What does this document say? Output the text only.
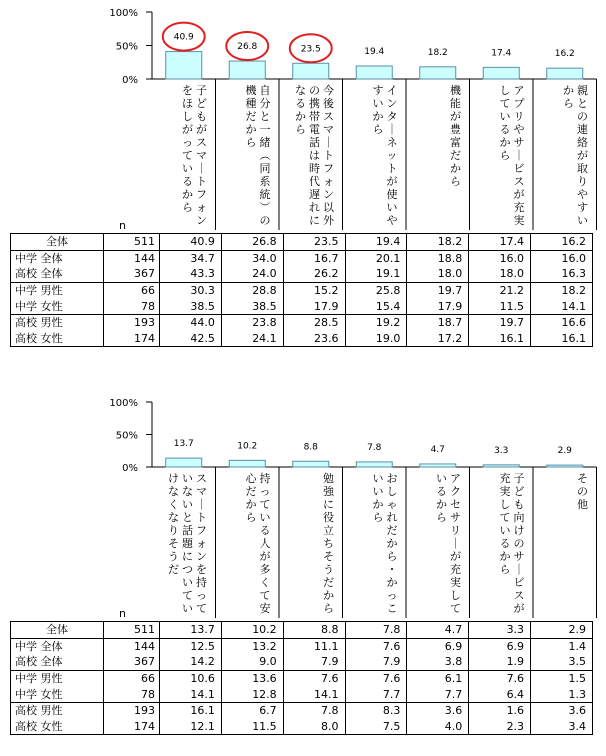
100%
50%
0%
40.9
子どもがスマ｜トフォンをほしがっているから
26.8
自分と一緒︵同系統︶の機種だから
23.5
今後スマ｜トフォン以外の携帯電話は時代遅れになるから
19.4
インタ｜ネットが使いやすいから
18.2
機能が豊富だから
17.4
アプリやサ｜ビスが充実しているから
16.2
親との連絡が取りやすいから
n
全体	511	40.9	26.8	23.5	19.4	18.2	17.4	16.2
中学 全体	144	34.7	34.0	16.7	20.1	18.8	16.0	16.0
高校 全体	367	43.3	24.0	26.2	19.1	18.0	18.0	16.3
中学 男性	66	30.3	28.8	15.2	25.8	19.7	21.2	18.2
中学 女性	78	38.5	38.5	17.9	15.4	17.9	11.5	14.1
高校 男性	193	44.0	23.8	28.5	19.2	18.7	19.7	16.6
高校 女性	174	42.5	24.1	23.6	19.0	17.2	16.1	16.1
100%
50%
0%
13.7
スマ｜トフォンを持っていないと話題についていけなくなりそうだ
10.2
持っている人が多くて安心だから
8.8
勉強に役立ちそうだから
7.8
おしゃれだから・かっこいいから
4.7
アクセサリ｜が充実しているから
3.3
子ども向けのサ｜ビスが充実しているから
2.9
その他
n
全体	511	13.7	10.2	8.8	7.8	4.7	3.3	2.9
中学 全体	144	12.5	13.2	11.1	7.6	6.9	6.9	1.4
高校 全体	367	14.2	9.0	7.9	7.9	3.8	1.9	3.5
中学 男性	66	10.6	13.6	7.6	7.6	6.1	7.6	1.5
中学 女性	78	14.1	12.8	14.1	7.7	7.7	6.4	1.3
高校 男性	193	16.1	6.7	7.8	8.3	3.6	1.6	3.6
高校 女性	174	12.1	11.5	8.0	7.5	4.0	2.3	3.4
